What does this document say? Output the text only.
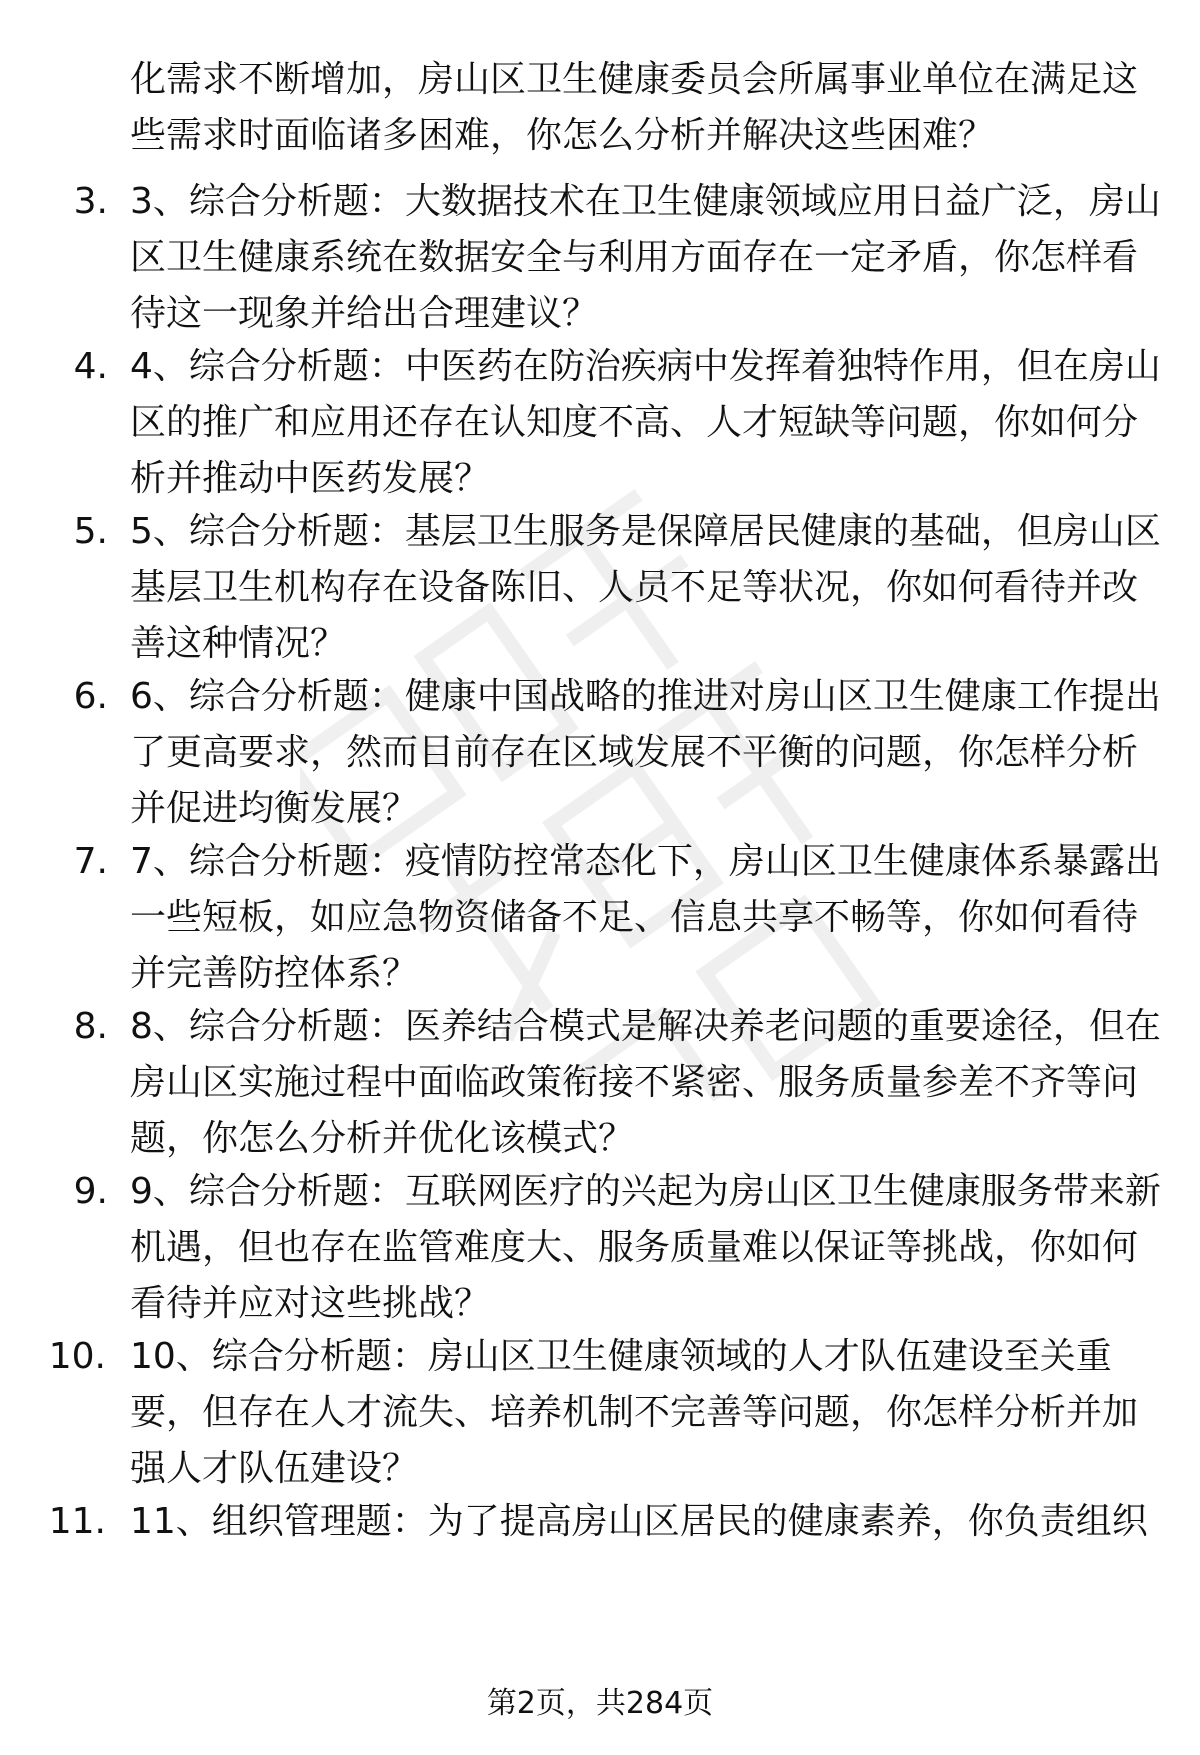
化需求不断增加，房山区卫生健康委员会所属事业单位在满足这些需求时面临诸多困难，你怎么分析并解决这些困难？
3. 3、综合分析题：大数据技术在卫生健康领域应用日益广泛，房山区卫生健康系统在数据安全与利用方面存在一定矛盾，你怎样看待这一现象并给出合理建议？
4. 4、综合分析题：中医药在防治疾病中发挥着独特作用，但在房山区的推广和应用还存在认知度不高、人才短缺等问题，你如何分析并推动中医药发展？
5. 5、综合分析题：基层卫生服务是保障居民健康的基础，但房山区基层卫生机构存在设备陈旧、人员不足等状况，你如何看待并改善这种情况？
6. 6、综合分析题：健康中国战略的推进对房山区卫生健康工作提出了更高要求，然而目前存在区域发展不平衡的问题，你怎样分析并促进均衡发展？
7. 7、综合分析题：疫情防控常态化下，房山区卫生健康体系暴露出一些短板，如应急物资储备不足、信息共享不畅等，你如何看待并完善防控体系？
8. 8、综合分析题：医养结合模式是解决养老问题的重要途径，但在房山区实施过程中面临政策衔接不紧密、服务质量参差不齐等问题，你怎么分析并优化该模式？
9. 9、综合分析题：互联网医疗的兴起为房山区卫生健康服务带来新机遇，但也存在监管难度大、服务质量难以保证等挑战，你如何看待并应对这些挑战？
10. 10、综合分析题：房山区卫生健康领域的人才队伍建设至关重要，但存在人才流失、培养机制不完善等问题，你怎样分析并加强人才队伍建设？
11. 11、组织管理题：为了提高房山区居民的健康素养，你负责组织
第2页，共284页
